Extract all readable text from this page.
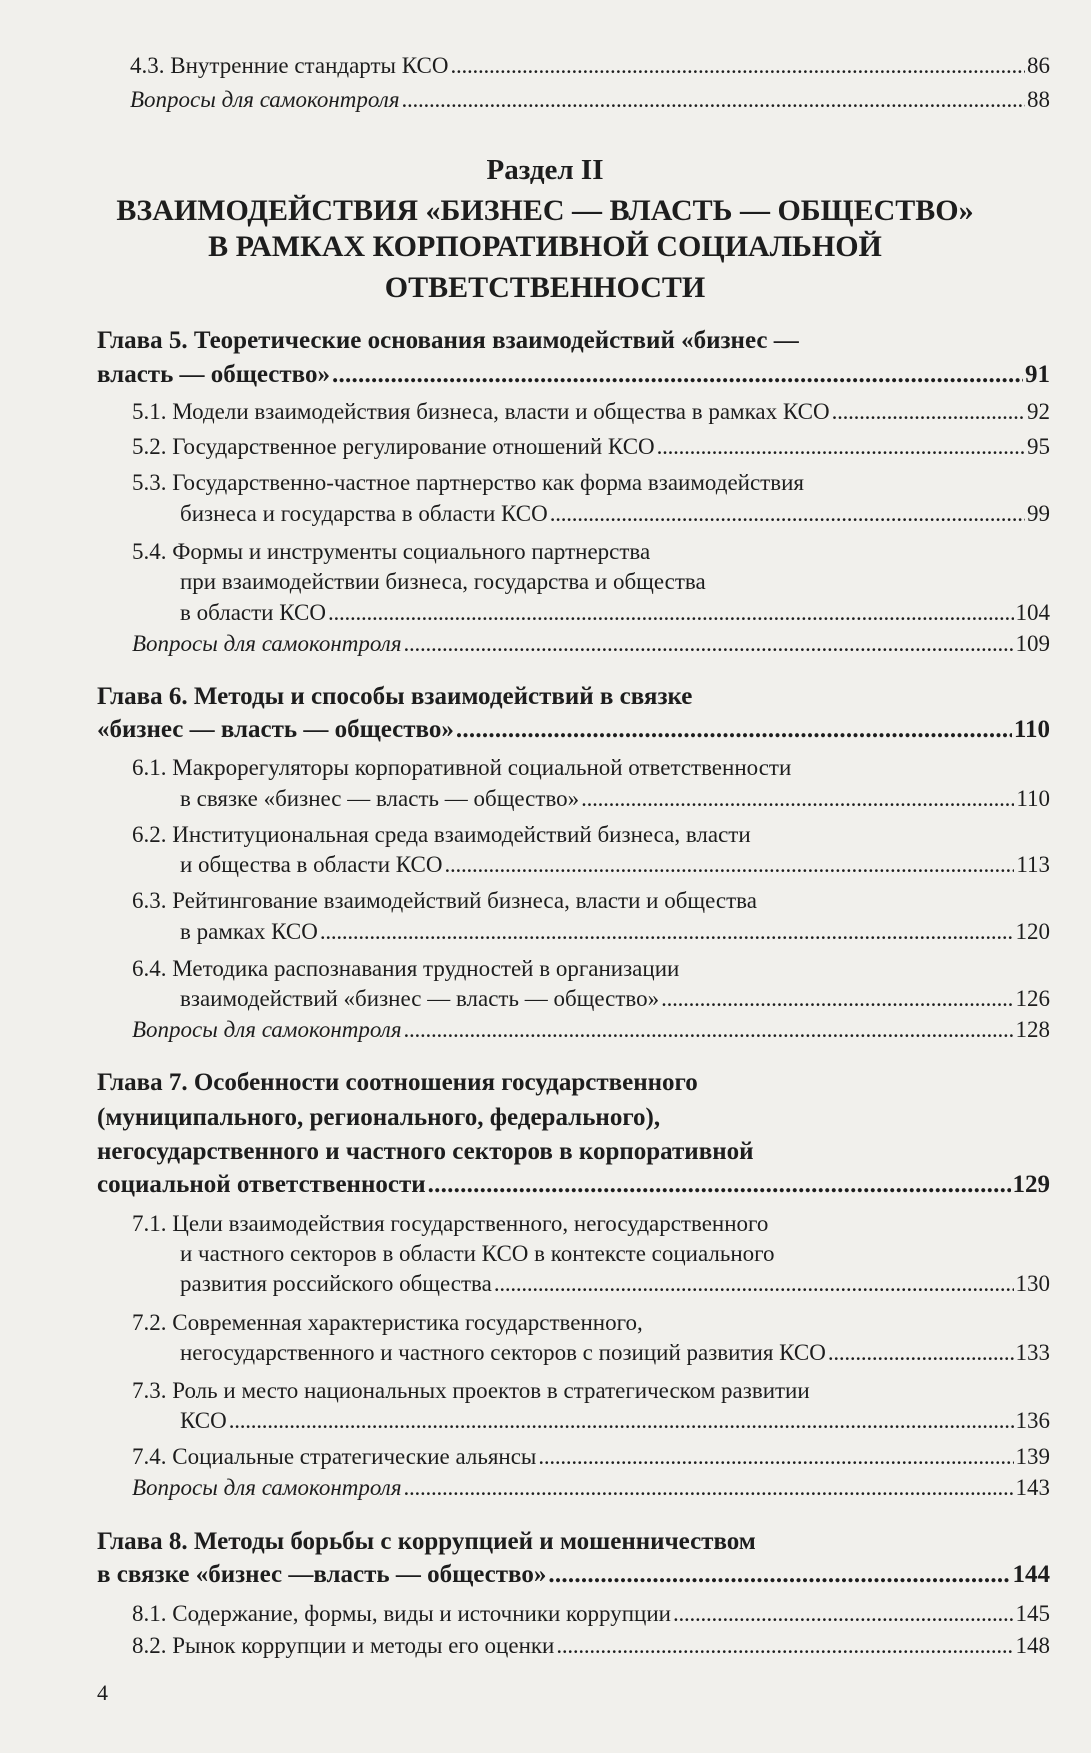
4.3. Внутренние стандарты КСО . . .	86
Вопросы для самоконтроля . . .	88
Раздел II
ВЗАИМОДЕЙСТВИЯ «БИЗНЕС — ВЛАСТЬ — ОБЩЕСТВО»
В РАМКАХ КОРПОРАТИВНОЙ СОЦИАЛЬНОЙ
ОТВЕТСТВЕННОСТИ
Глава 5. Теоретические основания взаимодействий «бизнес —
власть — общество» . . .	91
5.1. Модели взаимодействия бизнеса, власти и общества в рамках КСО . . .	92
5.2. Государственное регулирование отношений КСО . . .	95
5.3. Государственно-частное партнерство как форма взаимодействия
бизнеса и государства в области КСО . . .	99
5.4. Формы и инструменты социального партнерства
при взаимодействии бизнеса, государства и общества
в области КСО . . .	104
Вопросы для самоконтроля . . .	109
Глава 6. Методы и способы взаимодействий в связке
«бизнес — власть — общество» . . .	110
6.1. Макрорегуляторы корпоративной социальной ответственности
в связке «бизнес — власть — общество» . . .	110
6.2. Институциональная среда взаимодействий бизнеса, власти
и общества в области КСО . . .	113
6.3. Рейтингование взаимодействий бизнеса, власти и общества
в рамках КСО . . .	120
6.4. Методика распознавания трудностей в организации
взаимодействий «бизнес — власть — общество» . . .	126
Вопросы для самоконтроля . . .	128
Глава 7. Особенности соотношения государственного
(муниципального, регионального, федерального),
негосударственного и частного секторов в корпоративной
социальной ответственности . . .	129
7.1. Цели взаимодействия государственного, негосударственного
и частного секторов в области КСО в контексте социального
развития российского общества . . .	130
7.2. Современная характеристика государственного,
негосударственного и частного секторов с позиций развития КСО . . .	133
7.3. Роль и место национальных проектов в стратегическом развитии
КСО . . .	136
7.4. Социальные стратегические альянсы . . .	139
Вопросы для самоконтроля . . .	143
Глава 8. Методы борьбы с коррупцией и мошенничеством
в связке «бизнес —власть — общество» . . .	144
8.1. Содержание, формы, виды и источники коррупции . . .	145
8.2. Рынок коррупции и методы его оценки . . .	148
4
